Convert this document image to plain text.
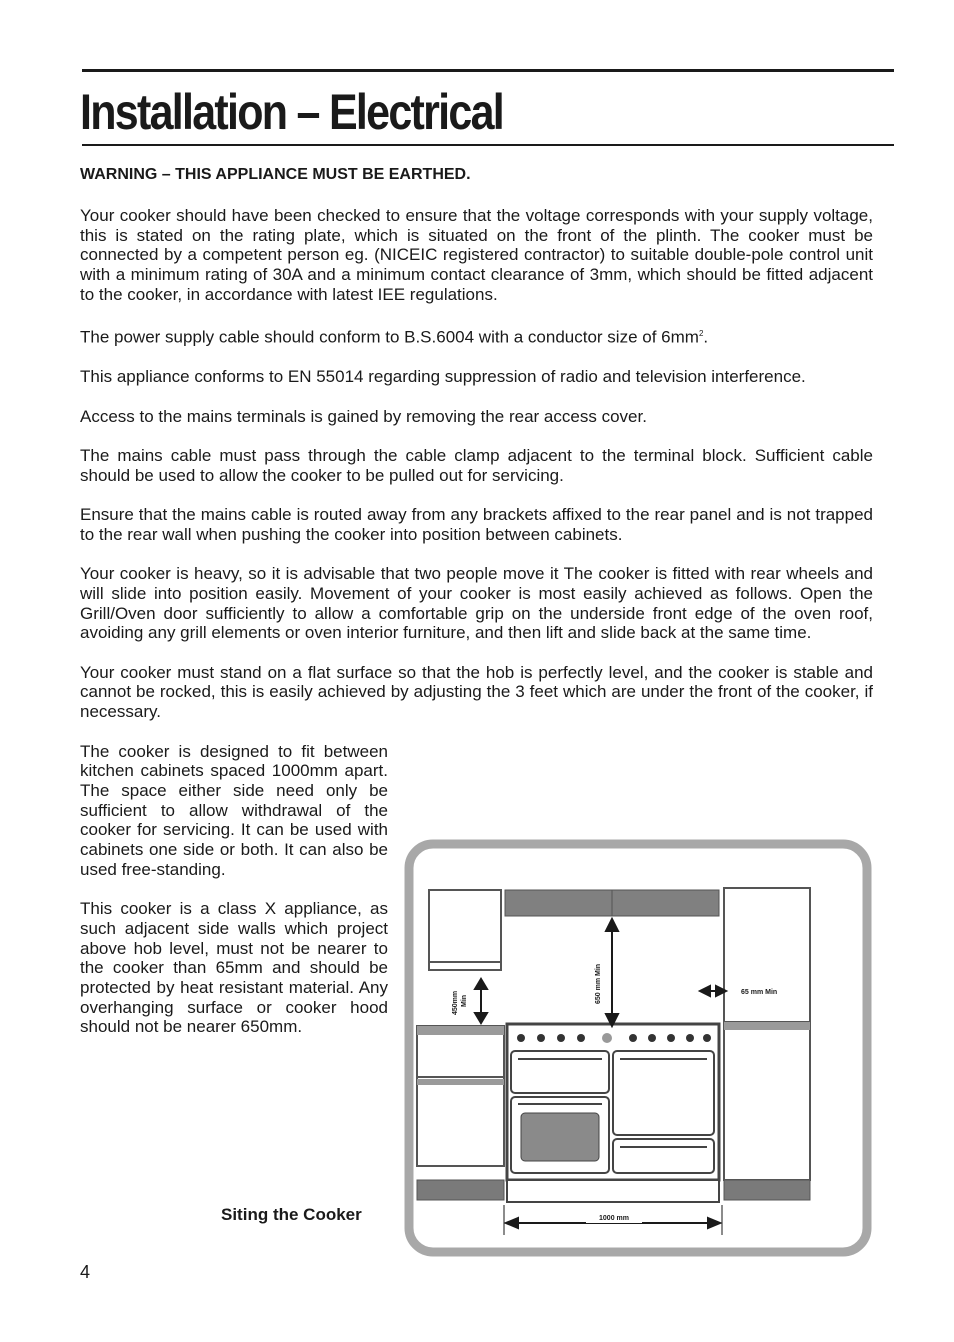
Installation – Electrical

WARNING – THIS APPLIANCE MUST BE EARTHED.

Your cooker should have been checked to ensure that the voltage corresponds with your supply voltage, this is stated on the rating plate, which is situated on the front of the plinth. The cooker must be connected by a competent person eg. (NICEIC registered contractor) to suitable double-pole control unit with a minimum rating of 30A and a minimum contact clearance of 3mm, which should be fitted adjacent to the cooker, in accordance with latest IEE regulations.

The power supply cable should conform to B.S.6004 with a conductor size of $6mm^2$.

This appliance conforms to EN 55014 regarding suppression of radio and television interference.

Access to the mains terminals is gained by removing the rear access cover.

The mains cable must pass through the cable clamp adjacent to the terminal block. Sufficient cable should be used to allow the cooker to be pulled out for servicing.

Ensure that the mains cable is routed away from any brackets affixed to the rear panel and is not trapped to the rear wall when pushing the cooker into position between cabinets.

Your cooker is heavy, so it is advisable that two people move it The cooker is fitted with rear wheels and will slide into position easily. Movement of your cooker is most easily achieved as follows. Open the Grill/Oven door sufficiently to allow a comfortable grip on the underside front edge of the oven roof, avoiding any grill elements or oven interior furniture, and then lift and slide back at the same time.

Your cooker must stand on a flat surface so that the hob is perfectly level, and the cooker is stable and cannot be rocked, this is easily achieved by adjusting the 3 feet which are under the front of the cooker, if necessary.

The cooker is designed to fit between kitchen cabinets spaced 1000mm apart. The space either side need only be sufficient to allow withdrawal of the cooker for servicing. It can be used with cabinets one side or both. It can also be used free-standing.

This cooker is a class X appliance, as such adjacent side walls which project above hob level, must not be nearer to the cooker than 65mm and should be protected by heat resistant material. Any overhanging surface or cooker hood should not be nearer 650mm.

450mm Min	650 mm Min	65 mm Min
1000 mm

Siting the Cooker

4
